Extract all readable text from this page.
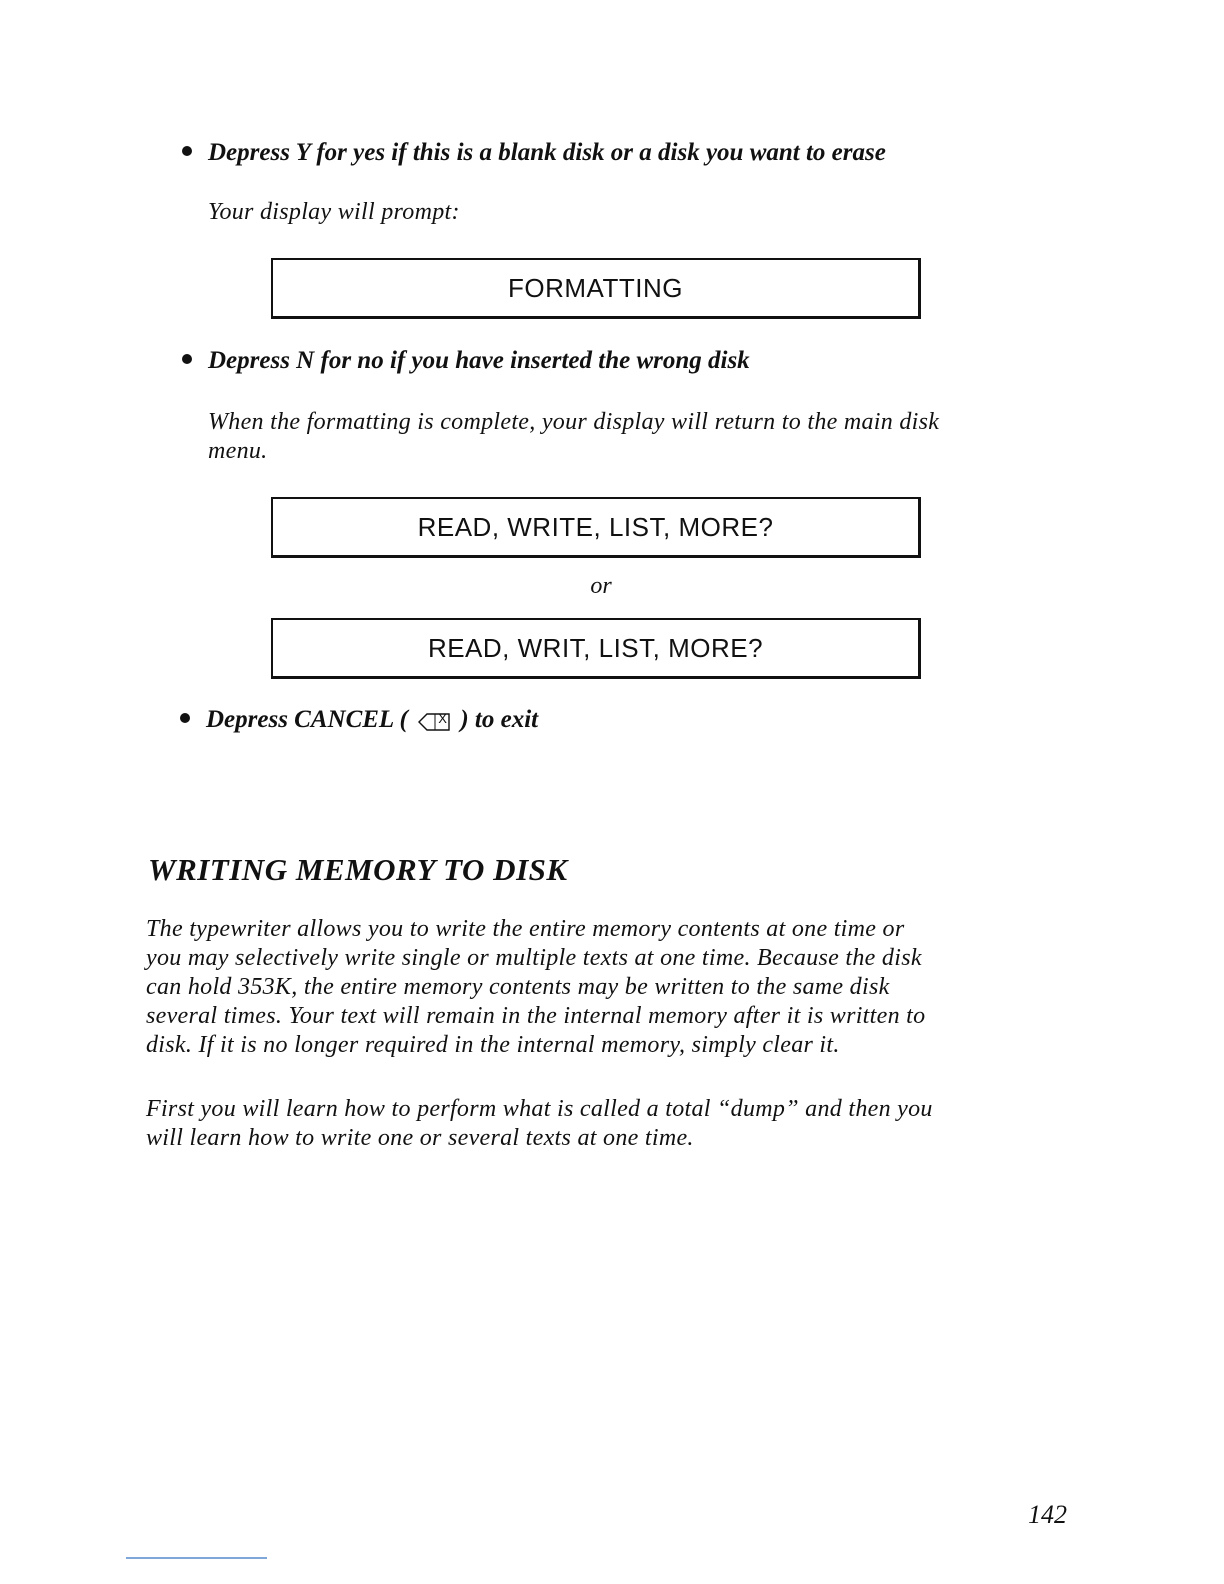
Depress Y for yes if this is a blank disk or a disk you want to erase
Your display will prompt:
FORMATTING
Depress N for no if you have inserted the wrong disk
When the formatting is complete, your display will return to the main disk
menu.
READ, WRITE, LIST, MORE?
or
READ, WRIT, LIST, MORE?
Depress CANCEL ( X ) to exit
WRITING MEMORY TO DISK
The typewriter allows you to write the entire memory contents at one time or
you may selectively write single or multiple texts at one time. Because the disk
can hold 353K, the entire memory contents may be written to the same disk
several times. Your text will remain in the internal memory after it is written to
disk. If it is no longer required in the internal memory, simply clear it.
First you will learn how to perform what is called a total “dump” and then you
will learn how to write one or several texts at one time.
142
